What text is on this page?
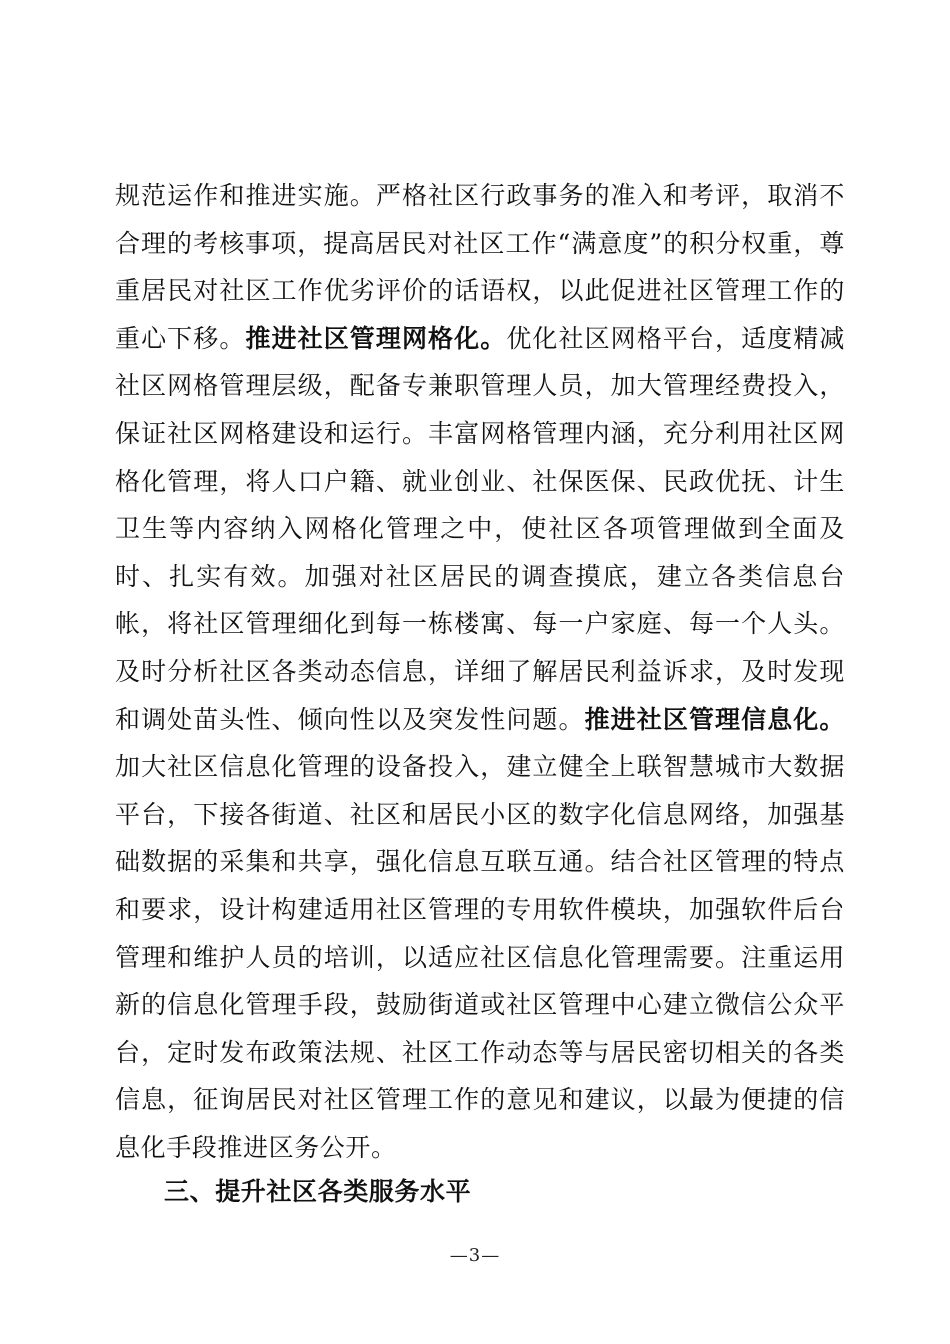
规范运作和推进实施。严格社区行政事务的准入和考评，取消不合理的考核事项，提高居民对社区工作“满意度”的积分权重，尊重居民对社区工作优劣评价的话语权，以此促进社区管理工作的重心下移。推进社区管理网格化。优化社区网格平台，适度精减社区网格管理层级，配备专兼职管理人员，加大管理经费投入，保证社区网格建设和运行。丰富网格管理内涵，充分利用社区网格化管理，将人口户籍、就业创业、社保医保、民政优抚、计生卫生等内容纳入网格化管理之中，使社区各项管理做到全面及时、扎实有效。加强对社区居民的调查摸底，建立各类信息台帐，将社区管理细化到每一栋楼寓、每一户家庭、每一个人头。及时分析社区各类动态信息，详细了解居民利益诉求，及时发现和调处苗头性、倾向性以及突发性问题。推进社区管理信息化。加大社区信息化管理的设备投入，建立健全上联智慧城市大数据平台，下接各街道、社区和居民小区的数字化信息网络，加强基础数据的采集和共享，强化信息互联互通。结合社区管理的特点和要求，设计构建适用社区管理的专用软件模块，加强软件后台管理和维护人员的培训，以适应社区信息化管理需要。注重运用新的信息化管理手段，鼓励街道或社区管理中心建立微信公众平台，定时发布政策法规、社区工作动态等与居民密切相关的各类信息，征询居民对社区管理工作的意见和建议，以最为便捷的信息化手段推进区务公开。

三、提升社区各类服务水平
—3—
